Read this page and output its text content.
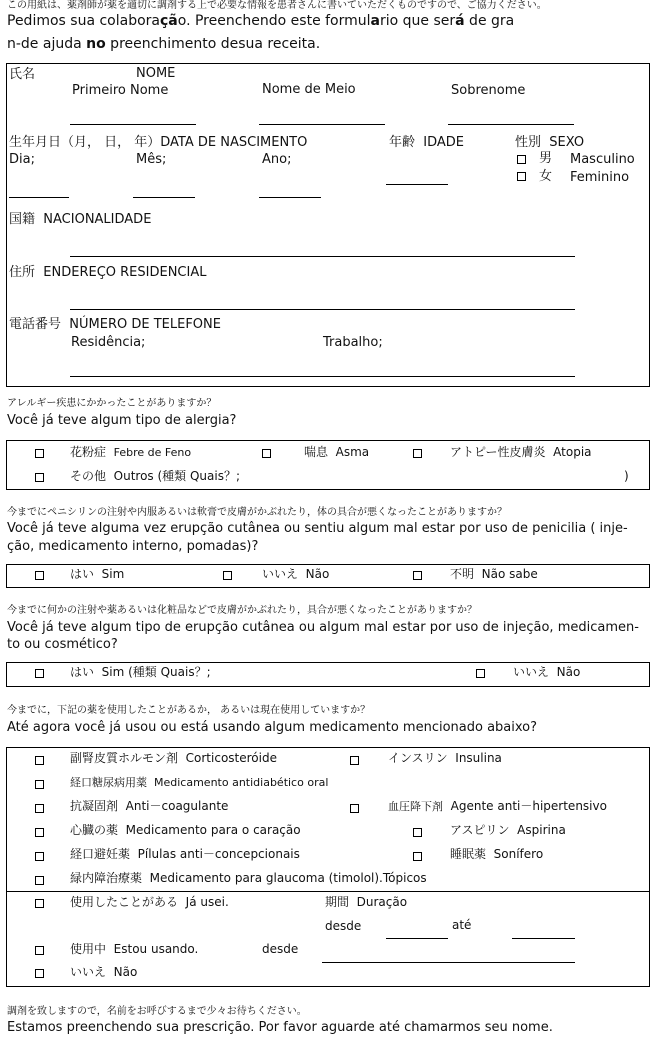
この用紙は、薬剤師が薬を適切に調剤する上で必要な情報を患者さんに書いていただくものですので、ご協力ください。
Pedimos sua colaboração. Preenchendo este formulario que será de gra
n-de ajuda no preenchimento desua receita.
氏名	NOME
Primeiro Nome	Nome de Meio	Sobrenome
生年月日（月， 日， 年）DATA DE NASCIMENTO
Dia;	Mês;	Ano;
年齢 IDADE	性別 SEXO
男 Masculino
女 Feminino
国籍 NACIONALIDADE
住所 ENDEREÇO RESIDENCIAL
電話番号 NÚMERO DE TELEFONE
Residência;	Trabalho;
アレルギー疾患にかかったことがありますか？
Você já teve algum tipo de alergia?
花粉症 Febre de Feno	喘息 Asma	アトピー性皮膚炎 Atopia
その他 Outros (種類 Quais？;	)
今までにペニシリンの注射や内服あるいは軟膏で皮膚がかぶれたり，体の具合が悪くなったことがありますか？
Você já teve alguma vez erupção cutânea ou sentiu algum mal estar por uso de penicilia ( inje-
ção, medicamento interno, pomadas)?
はい Sim	いいえ Não	不明 Não sabe
今までに何かの注射や薬あるいは化粧品などで皮膚がかぶれたり，具合が悪くなったことがありますか？
Você já teve algum tipo de erupção cutânea ou algum mal estar por uso de injeção, medicamen-
to ou cosmético?
はい Sim (種類 Quais？;	いいえ Não
今までに，下記の薬を使用したことがあるか， あるいは現在使用していますか？
Até agora você já usou ou está usando algum medicamento mencionado abaixo?
副腎皮質ホルモン剤 Corticosteróide	インスリン Insulina
経口糖尿病用薬 Medicamento antidiabético oral
抗凝固剤 Anti－coagulante	血圧降下剤 Agente anti－hipertensivo
心臓の薬 Medicamento para o caração	アスピリン Aspirina
経口避妊薬 Pílulas anti－concepcionais	睡眠薬 Sonífero
緑内障治療薬 Medicamento para glaucoma (timolol).Tópicos
使用したことがある Já usei.	期間 Duração
desde	até
使用中 Estou usando.	desde
いいえ Não
調剤を致しますので，名前をお呼びするまで少々お待ちください。
Estamos preenchendo sua prescrição. Por favor aguarde até chamarmos seu nome.
